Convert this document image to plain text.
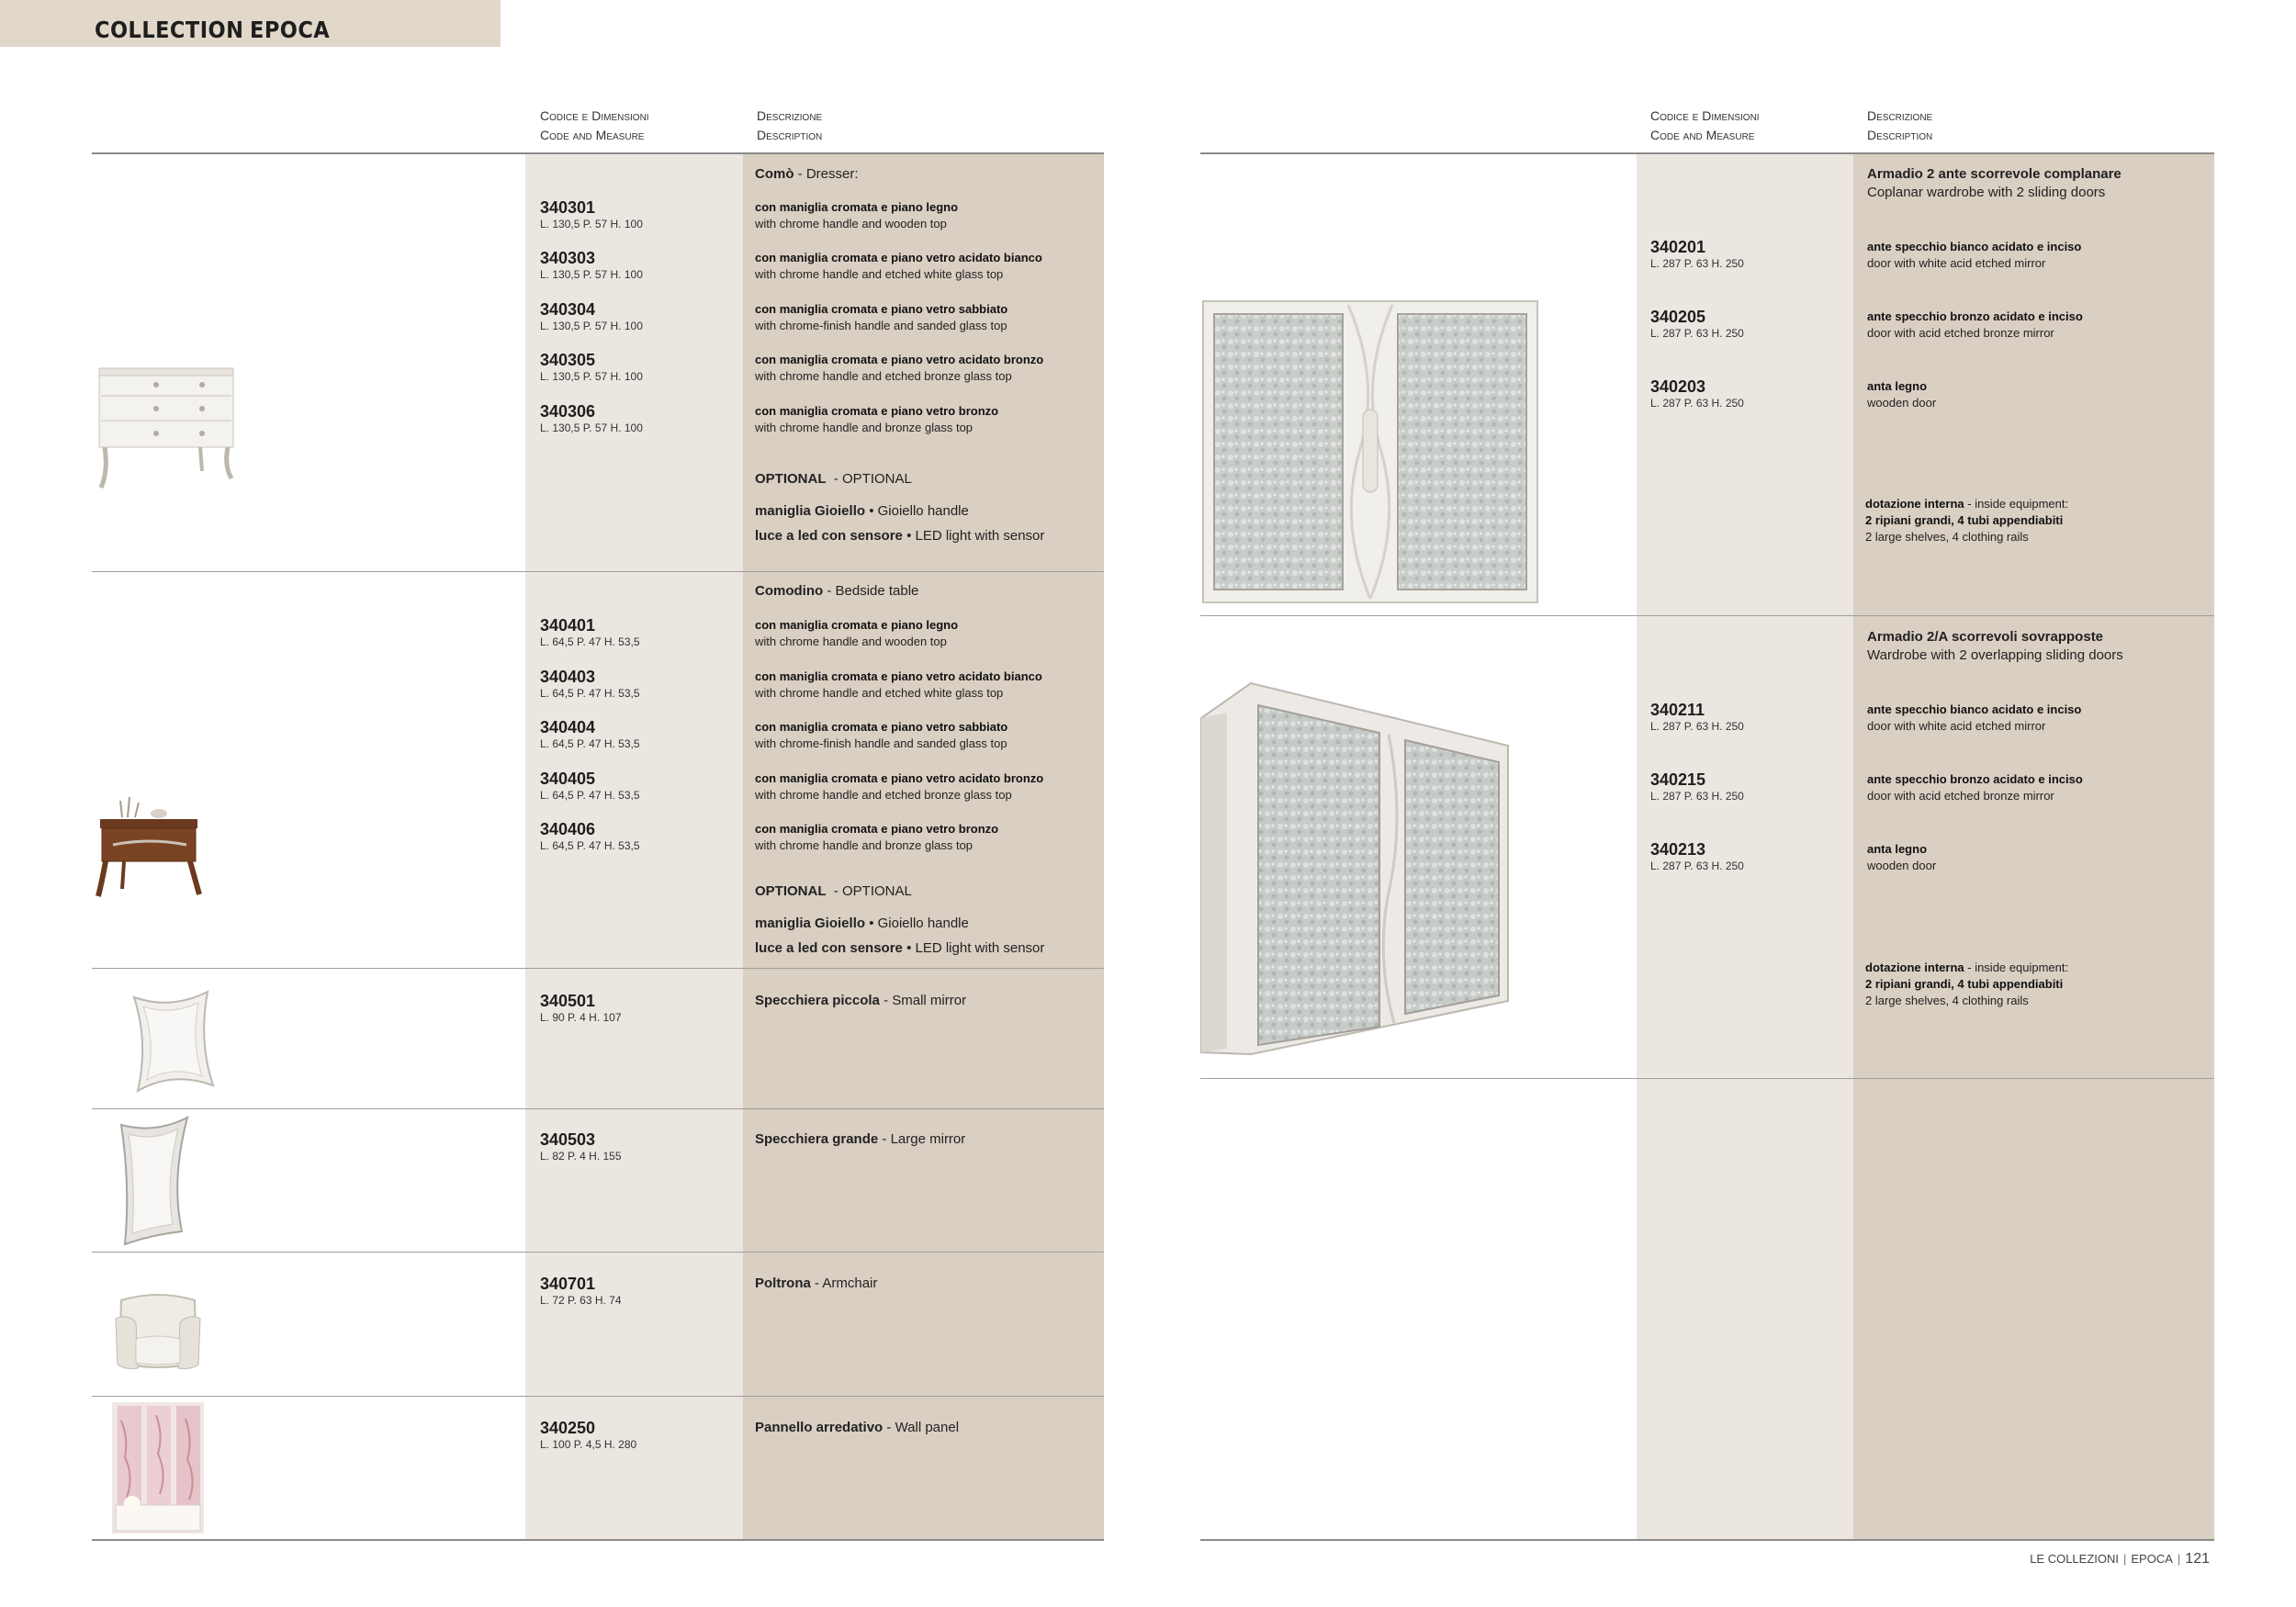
COLLECTION EPOCA
Codice e Dimensioni
Code and Measure
Descrizione
Description
Codice e Dimensioni
Code and Measure
Descrizione
Description
Comò - Dresser:
340301
L. 130,5 P. 57 H. 100
con maniglia cromata e piano legno
with chrome handle and wooden top
340303
L. 130,5 P. 57 H. 100
con maniglia cromata e piano vetro acidato bianco
with chrome handle and etched white glass top
340304
L. 130,5 P. 57 H. 100
con maniglia cromata e piano vetro sabbiato
with chrome-finish handle and sanded glass top
340305
L. 130,5 P. 57 H. 100
con maniglia cromata e piano vetro acidato bronzo
with chrome handle and etched bronze glass top
340306
L. 130,5 P. 57 H. 100
con maniglia cromata e piano vetro bronzo
with chrome handle and bronze glass top
OPTIONAL  - OPTIONAL
maniglia Gioiello • Gioiello handle
luce a led con sensore • LED light with sensor
Comodino - Bedside table
340401
L. 64,5 P. 47 H. 53,5
con maniglia cromata e piano legno
with chrome handle and wooden top
340403
L. 64,5 P. 47 H. 53,5
con maniglia cromata e piano vetro acidato bianco
with chrome handle and etched white glass top
340404
L. 64,5 P. 47 H. 53,5
con maniglia cromata e piano vetro sabbiato
with chrome-finish handle and sanded glass top
340405
L. 64,5 P. 47 H. 53,5
con maniglia cromata e piano vetro acidato bronzo
with chrome handle and etched bronze glass top
340406
L. 64,5 P. 47 H. 53,5
con maniglia cromata e piano vetro bronzo
with chrome handle and bronze glass top
OPTIONAL  - OPTIONAL
maniglia Gioiello • Gioiello handle
luce a led con sensore • LED light with sensor
340501
L. 90 P. 4 H. 107
Specchiera piccola - Small mirror
340503
L. 82 P. 4 H. 155
Specchiera grande - Large mirror
340701
L. 72 P. 63 H. 74
Poltrona - Armchair
340250
L. 100 P. 4,5 H. 280
Pannello arredativo - Wall panel
Armadio 2 ante scorrevole complanare
Coplanar wardrobe with 2 sliding doors
340201
L. 287 P. 63 H. 250
ante specchio bianco acidato e inciso
door with white acid etched mirror
340205
L. 287 P. 63 H. 250
ante specchio bronzo acidato e inciso
door with acid etched bronze mirror
340203
L. 287 P. 63 H. 250
anta legno
wooden door
dotazione interna - inside equipment:
2 ripiani grandi, 4 tubi appendiabiti
2 large shelves, 4 clothing rails
Armadio 2/A scorrevoli sovrapposte
Wardrobe with 2 overlapping sliding doors
340211
L. 287 P. 63 H. 250
ante specchio bianco acidato e inciso
door with white acid etched mirror
340215
L. 287 P. 63 H. 250
ante specchio bronzo acidato e inciso
door with acid etched bronze mirror
340213
L. 287 P. 63 H. 250
anta legno
wooden door
dotazione interna - inside equipment:
2 ripiani grandi, 4 tubi appendiabiti
2 large shelves, 4 clothing rails
LE COLLEZIONI | EPOCA | 121
